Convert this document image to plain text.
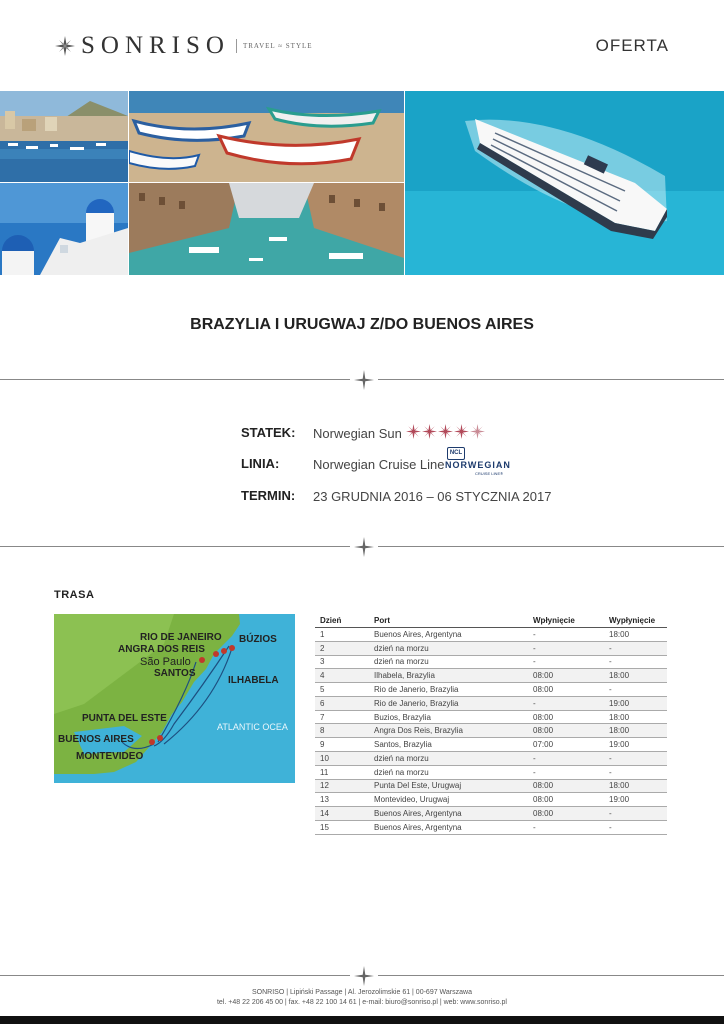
SONRISO TRAVEL ≈ STYLE	OFERTA
BRAZYLIA I URUGWAJ Z/DO BUENOS AIRES
STATEK: Norwegian Sun
LINIA:	Norwegian Cruise Line
NCL
NORWEGIAN
CRUISE LINE®
TERMIN: 23 GRUDNIA 2016 – 06 STYCZNIA 2017
TRASA
RIO DE JANEIRO BÚZIOS
ANGRA DOS REIS
São Paulo
SANTOS
ILHABELA
PUNTA DEL ESTE
ATLANTIC OCEA
BUENOS AIRES
MONTEVIDEO
Dzień	Port	Wpłynięcie	Wypłynięcie
1	Buenos Aires, Argentyna	-	18:00
2	dzień na morzu	-	-
3	dzień na morzu	-	-
4	Ilhabela, Brazylia	08:00	18:00
5	Rio de Janerio, Brazylia	08:00	-
6	Rio de Janerio, Brazylia	-	19:00
7	Buzios, Brazylia	08:00	18:00
8	Angra Dos Reis, Brazylia	08:00	18:00
9	Santos, Brazylia	07:00	19:00
10	dzień na morzu	-	-
11	dzień na morzu	-	-
12	Punta Del Este, Urugwaj	08:00	18:00
13	Montevideo, Urugwaj	08:00	19:00
14	Buenos Aires, Argentyna	08:00	-
15	Buenos Aires, Argentyna	-	-
SONRISO | Lipiński Passage | Al. Jerozolimskie 61 | 00-697 Warszawa
tel. +48 22 206 45 00 | fax. +48 22 100 14 61 | e-mail: biuro@sonriso.pl | web: www.sonriso.pl
